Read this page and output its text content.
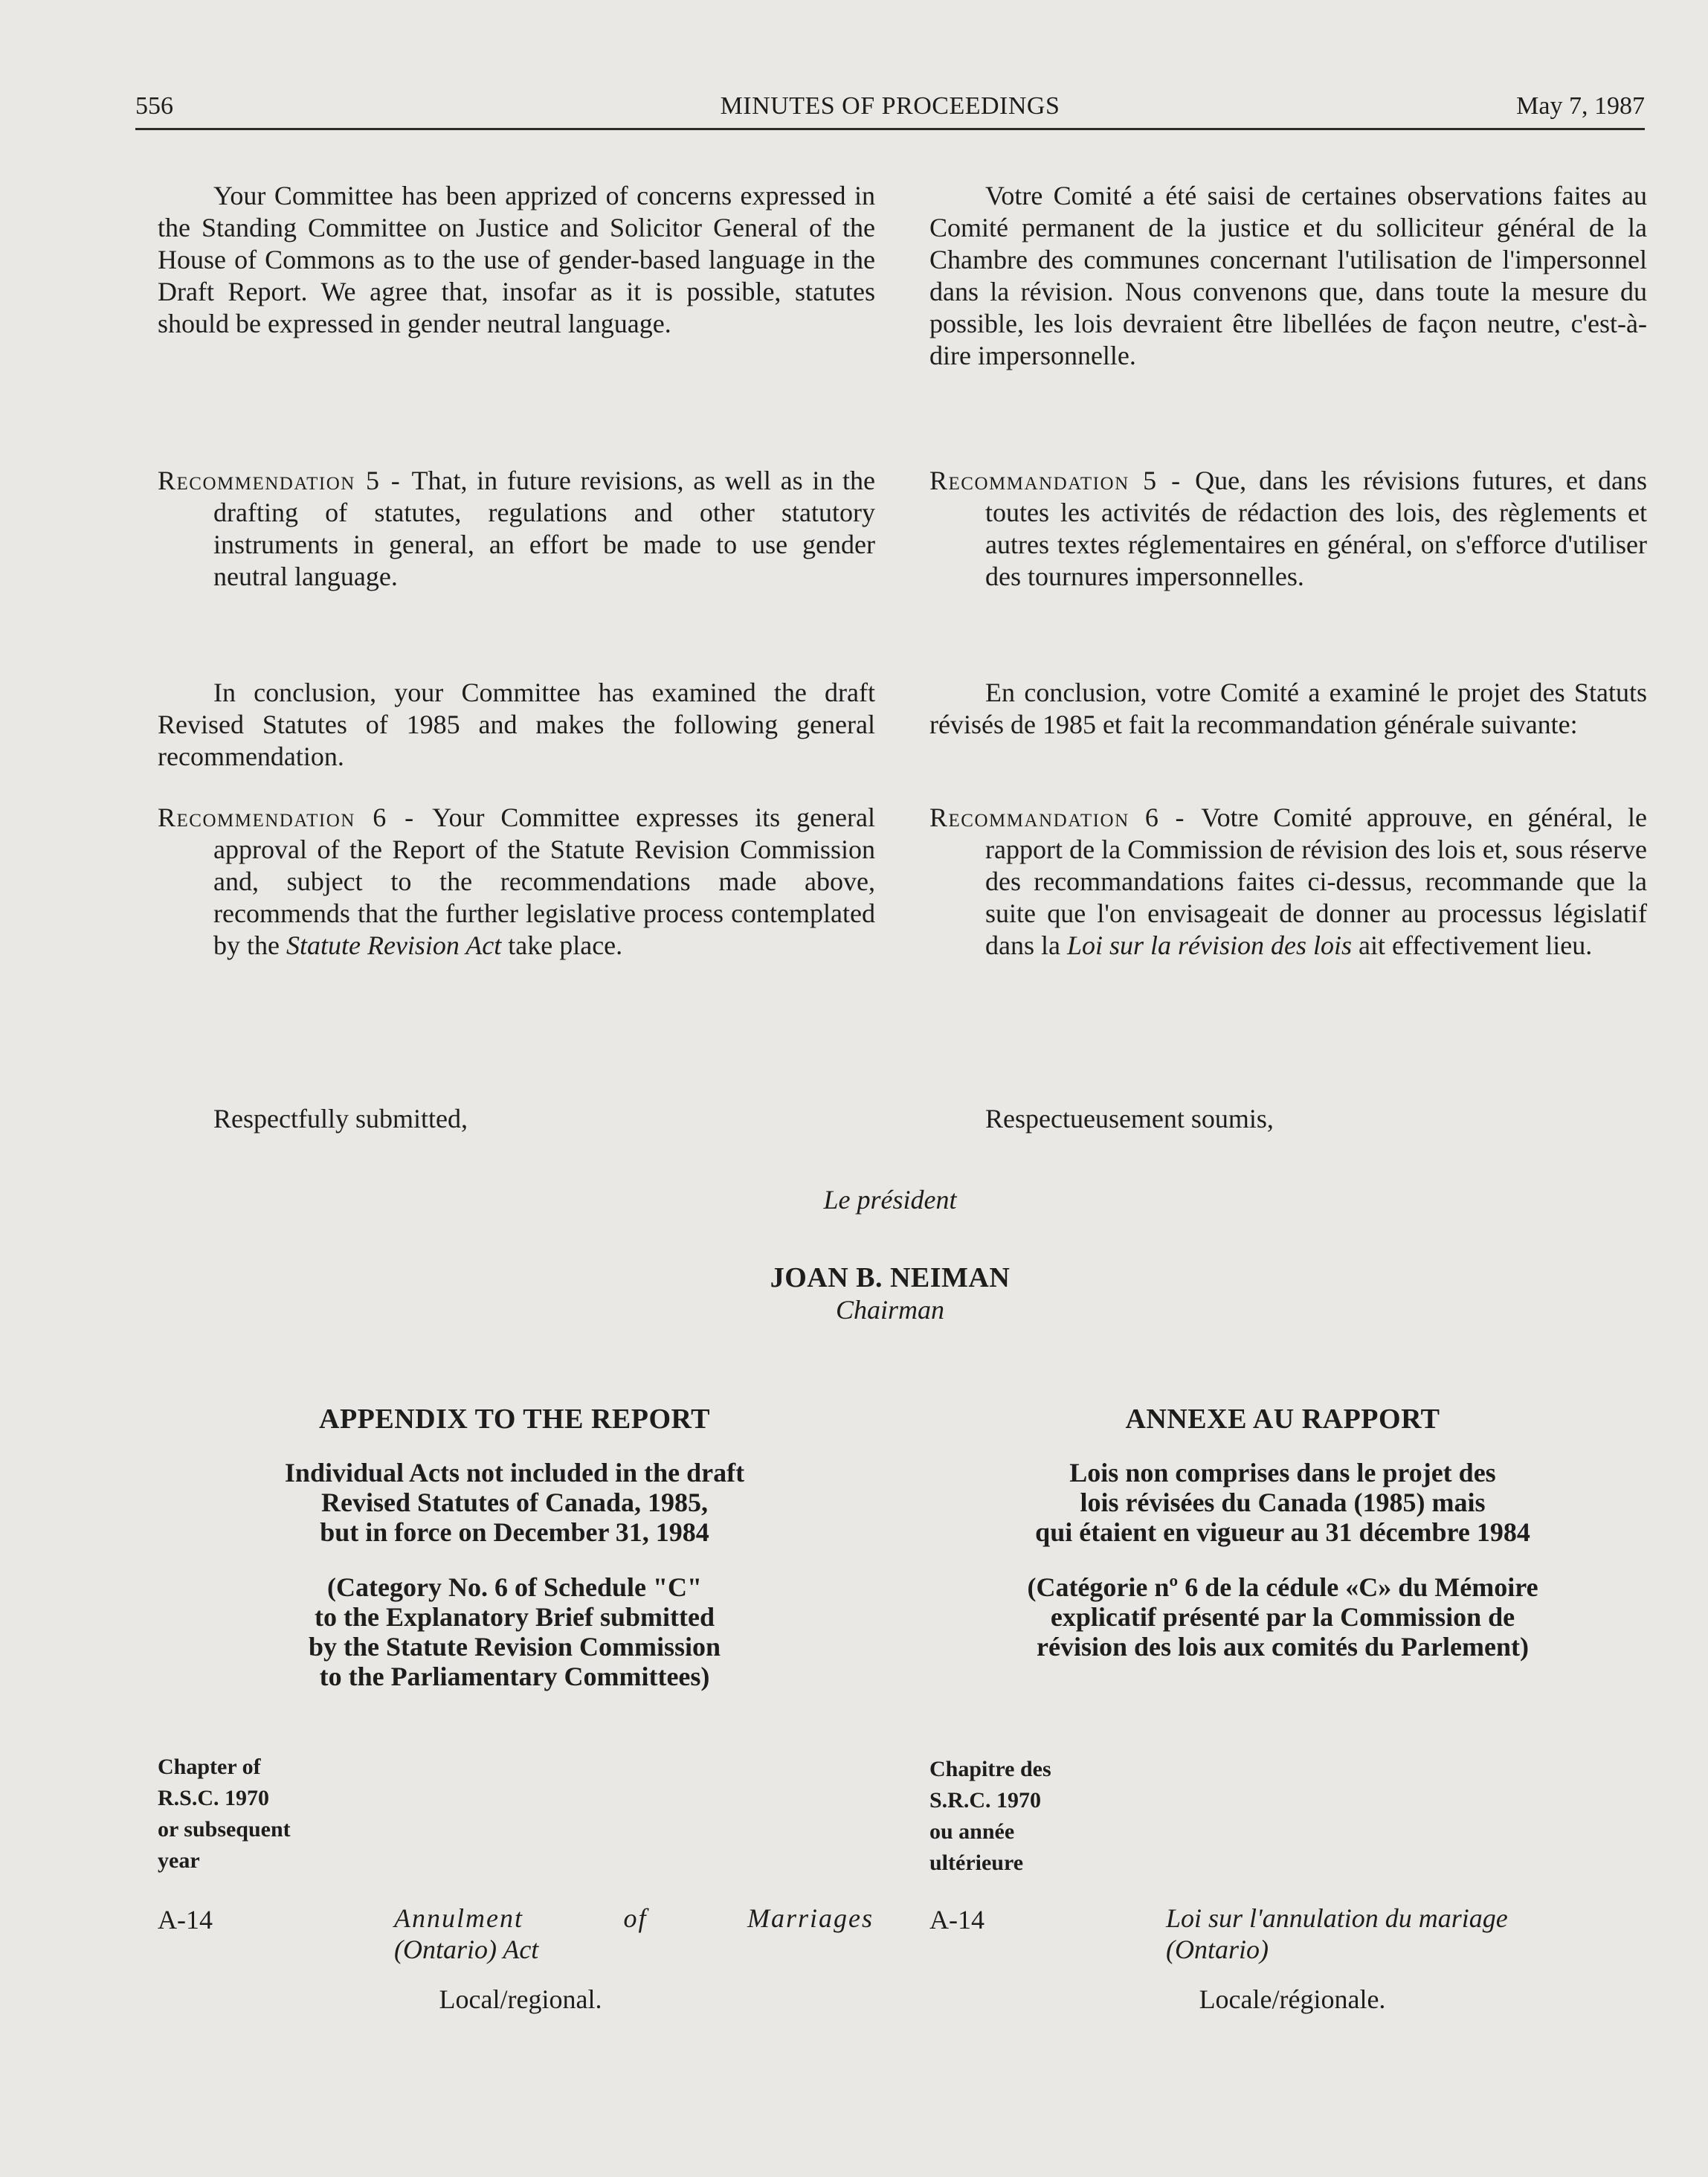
556	MINUTES OF PROCEEDINGS	May 7, 1987

Your Committee has been apprized of concerns expressed in the Standing Committee on Justice and Solicitor General of the House of Commons as to the use of gender-based language in the Draft Report. We agree that, insofar as it is possible, statutes should be expressed in gender neutral language.

Recommendation 5 - That, in future revisions, as well as in the drafting of statutes, regulations and other statutory instruments in general, an effort be made to use gender neutral language.

In conclusion, your Committee has examined the draft Revised Statutes of 1985 and makes the following general recommendation.

Recommendation 6 - Your Committee expresses its general approval of the Report of the Statute Revision Commission and, subject to the recommendations made above, recommends that the further legislative process contemplated by the Statute Revision Act take place.

Respectfully submitted,

Votre Comité a été saisi de certaines observations faites au Comité permanent de la justice et du solliciteur général de la Chambre des communes concernant l'utilisation de l'impersonnel dans la révision. Nous convenons que, dans toute la mesure du possible, les lois devraient être libellées de façon neutre, c'est-à-dire impersonnelle.

Recommandation 5 - Que, dans les révisions futures, et dans toutes les activités de rédaction des lois, des règlements et autres textes réglementaires en général, on s'efforce d'utiliser des tournures impersonnelles.

En conclusion, votre Comité a examiné le projet des Statuts révisés de 1985 et fait la recommandation générale suivante:

Recommandation 6 - Votre Comité approuve, en général, le rapport de la Commission de révision des lois et, sous réserve des recommandations faites ci-dessus, recommande que la suite que l'on envisageait de donner au processus législatif dans la Loi sur la révision des lois ait effectivement lieu.

Respectueusement soumis,

Le président
JOAN B. NEIMAN
Chairman
APPENDIX TO THE REPORT
Individual Acts not included in the draft
Revised Statutes of Canada, 1985,
but in force on December 31, 1984
(Category No. 6 of Schedule "C"
to the Explanatory Brief submitted
by the Statute Revision Commission
to the Parliamentary Committees)
ANNEXE AU RAPPORT
Lois non comprises dans le projet des
lois révisées du Canada (1985) mais
qui étaient en vigueur au 31 décembre 1984
(Catégorie nº 6 de la cédule «C» du Mémoire
explicatif présenté par la Commission de
révision des lois aux comités du Parlement)
Chapter of
R.S.C. 1970
or subsequent
year
Chapitre des
S.R.C. 1970
ou année
ultérieure
A-14	Annulment of Marriages
(Ontario) Act
Local/regional.
A-14	Loi sur l'annulation du mariage
(Ontario)
Locale/régionale.
